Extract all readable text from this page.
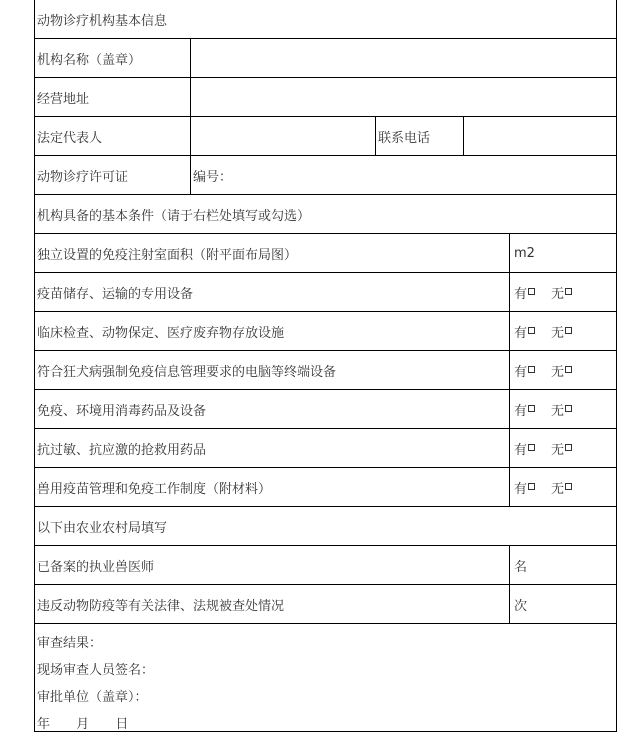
动物诊疗机构基本信息
机构名称（盖章）
经营地址
法定代表人	联系电话
动物诊疗许可证	编号：
机构具备的基本条件（请于右栏处填写或勾选）
独立设置的免疫注射室面积（附平面布局图）	m2
疫苗储存、运输的专用设备	有 无
临床检查、动物保定、医疗废弃物存放设施	有 无
符合狂犬病强制免疫信息管理要求的电脑等终端设备	有 无
免疫、环境用消毒药品及设备	有 无
抗过敏、抗应激的抢救用药品	有 无
兽用疫苗管理和免疫工作制度（附材料）	有 无
以下由农业农村局填写
已备案的执业兽医师	名
违反动物防疫等有关法律、法规被查处情况	次
审查结果：
现场审查人员签名：
审批单位（盖章）：
年 月 日
